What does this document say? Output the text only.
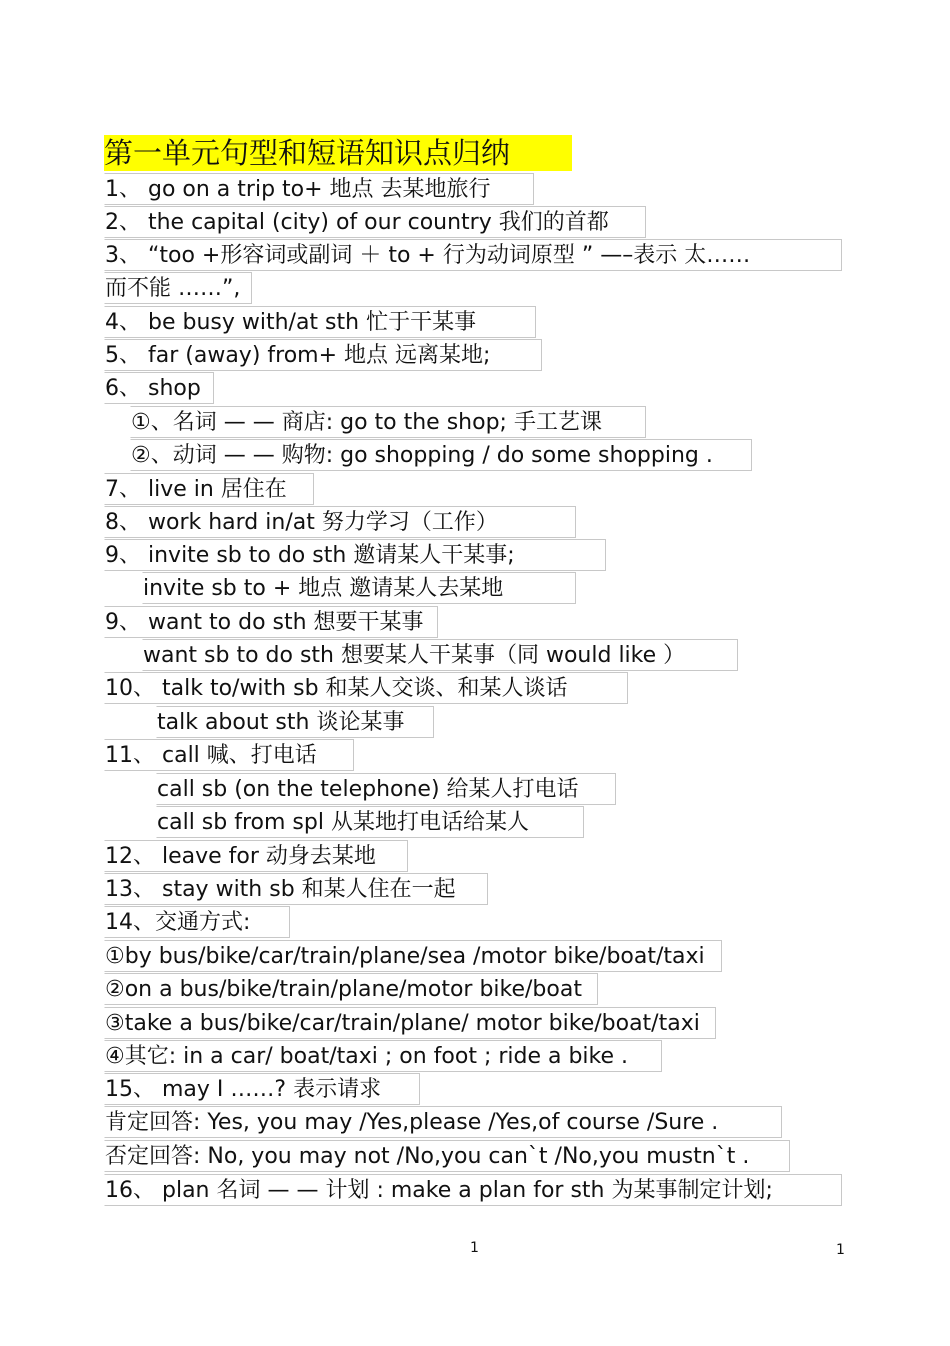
第一单元句型和短语知识点归纳
1、 go on a trip to+ 地点 去某地旅行
2、 the capital (city) of our country 我们的首都
3、 “too +形容词或副词 ＋ to + 行为动词原型 ” —–表示 太……
而不能 ……”,
4、 be busy with/at sth 忙于干某事
5、 far (away) from+ 地点 远离某地;
6、 shop
①、名词 — — 商店: go to the shop; 手工艺课
②、动词 — — 购物: go shopping / do some shopping .
7、 live in 居住在
8、 work hard in/at 努力学习（工作）
9、 invite sb to do sth 邀请某人干某事;
invite sb to + 地点 邀请某人去某地
9、 want to do sth 想要干某事
want sb to do sth 想要某人干某事（同 would like ）
10、 talk to/with sb 和某人交谈、和某人谈话
talk about sth 谈论某事
11、 call 喊、打电话
call sb (on the telephone) 给某人打电话
call sb from spl 从某地打电话给某人
12、 leave for 动身去某地
13、 stay with sb 和某人住在一起
14、交通方式:
①by bus/bike/car/train/plane/sea /motor bike/boat/taxi
②on a bus/bike/train/plane/motor bike/boat
③take a bus/bike/car/train/plane/ motor bike/boat/taxi
④其它: in a car/ boat/taxi ; on foot ; ride a bike .
15、 may I ……? 表示请求
肯定回答: Yes, you may /Yes,please /Yes,of course /Sure .
否定回答: No, you may not /No,you can`t /No,you mustn`t .
16、 plan 名词 — — 计划 : make a plan for sth 为某事制定计划;
1	1
